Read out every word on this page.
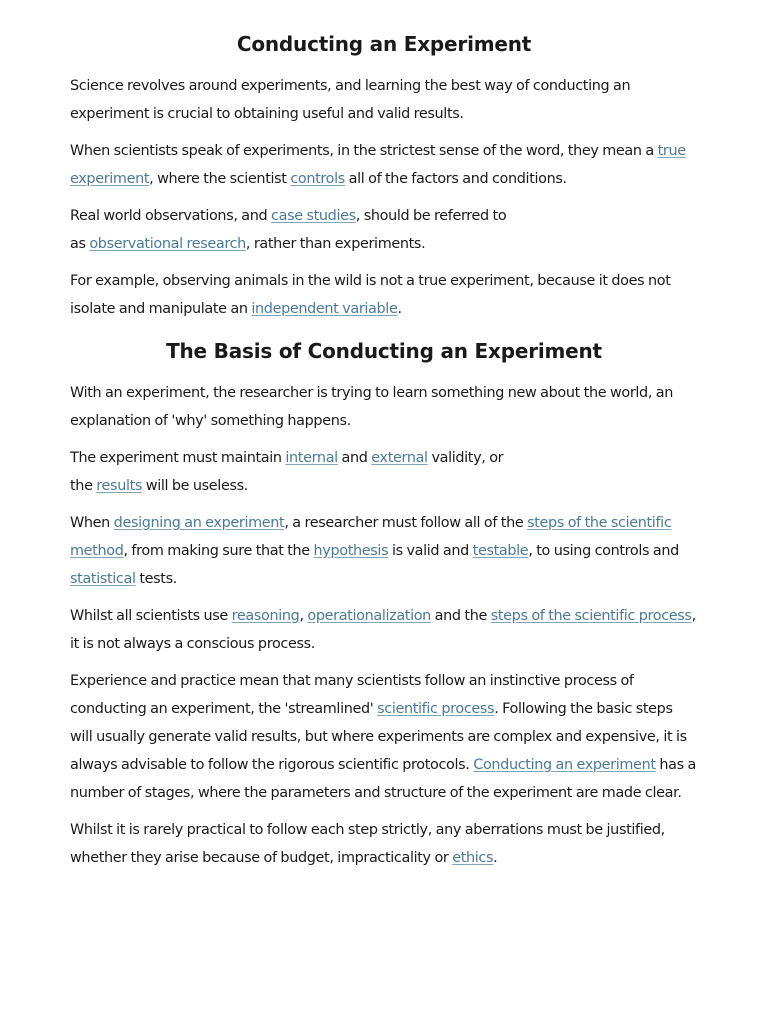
Conducting an Experiment

Science revolves around experiments, and learning the best way of conducting an experiment is crucial to obtaining useful and valid results.

When scientists speak of experiments, in the strictest sense of the word, they mean a true experiment, where the scientist controls all of the factors and conditions.

Real world observations, and case studies, should be referred to
as observational research, rather than experiments.

For example, observing animals in the wild is not a true experiment, because it does not isolate and manipulate an independent variable.

The Basis of Conducting an Experiment

With an experiment, the researcher is trying to learn something new about the world, an explanation of 'why' something happens.

The experiment must maintain internal and external validity, or
the results will be useless.

When designing an experiment, a researcher must follow all of the steps of the scientific method, from making sure that the hypothesis is valid and testable, to using controls and statistical tests.

Whilst all scientists use reasoning, operationalization and the steps of the scientific process, it is not always a conscious process.

Experience and practice mean that many scientists follow an instinctive process of conducting an experiment, the 'streamlined' scientific process. Following the basic steps will usually generate valid results, but where experiments are complex and expensive, it is always advisable to follow the rigorous scientific protocols. Conducting an experiment has a number of stages, where the parameters and structure of the experiment are made clear.

Whilst it is rarely practical to follow each step strictly, any aberrations must be justified, whether they arise because of budget, impracticality or ethics.
